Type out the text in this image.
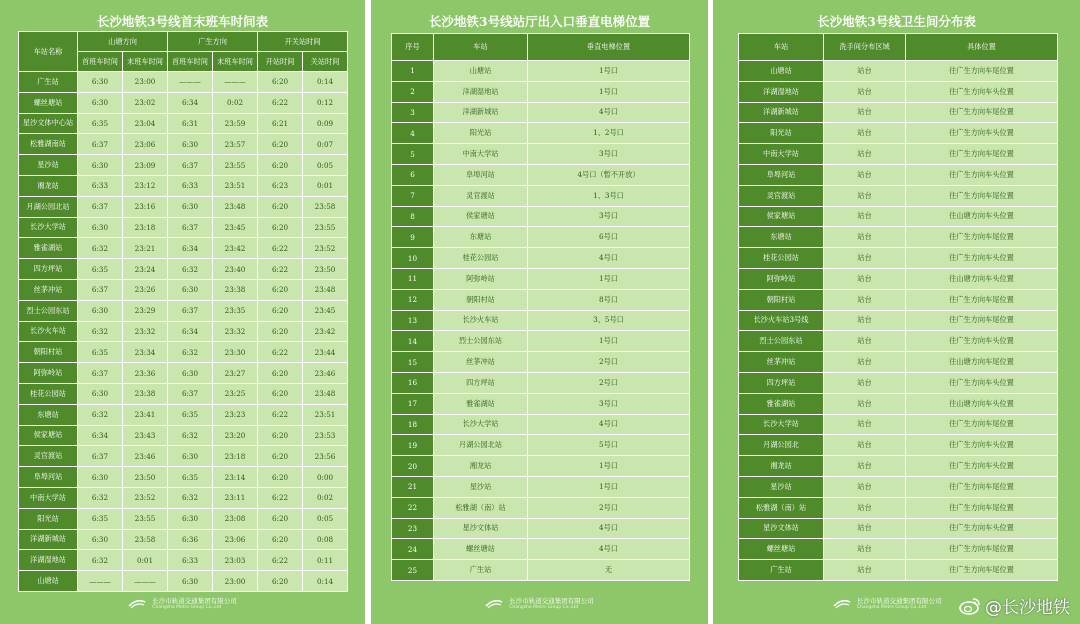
长沙地铁3号线首末班车时间表
车站名称	山塘方向		广生方向		开关站时间	
	首班车时间	末班车时间	首班车时间	末班车时间	开站时间	关站时间
广生站	6:30	23:00	———	———	6:20	0:14
螺丝塘站	6:30	23:02	6:34	0:02	6:22	0:12
星沙文体中心站	6:35	23:04	6:31	23:59	6:21	0:09
松雅湖南站	6:37	23:06	6:30	23:57	6:20	0:07
星沙站	6:30	23:09	6:37	23:55	6:20	0:05
湘龙站	6:33	23:12	6:33	23:51	6:23	0:01
月湖公园北站	6:37	23:16	6:30	23:48	6:20	23:58
长沙大学站	6:30	23:18	6:37	23:45	6:20	23:55
雅雀湖站	6:32	23:21	6:34	23:42	6:22	23:52
四方坪站	6:35	23:24	6:32	23:40	6:22	23:50
丝茅冲站	6:37	23:26	6:30	23:38	6:20	23:48
烈士公园东站	6:30	23:29	6:37	23:35	6:20	23:45
长沙火车站	6:32	23:32	6:34	23:32	6:20	23:42
朝阳村站	6:35	23:34	6:32	23:30	6:22	23:44
阿弥岭站	6:37	23:36	6:30	23:27	6:20	23:46
桂花公园站	6:30	23:38	6:37	23:25	6:20	23:48
东塘站	6:32	23:41	6:35	23:23	6:22	23:51
侯家塘站	6:34	23:43	6:32	23:20	6:20	23:53
灵官渡站	6:37	23:46	6:30	23:18	6:20	23:56
阜埠河站	6:30	23:50	6:35	23:14	6:20	0:00
中南大学站	6:32	23:52	6:32	23:11	6:22	0:02
阳光站	6:35	23:55	6:30	23:08	6:20	0:05
洋湖新城站	6:30	23:58	6:36	23:06	6:20	0:08
洋湖湿地站	6:32	0:01	6:33	23:03	6:22	0:11
山塘站	———	———	6:30	23:00	6:20	0:14
长沙市轨道交通集团有限公司
Changsha Metro Group Co.,Ltd
长沙地铁3号线站厅出入口垂直电梯位置
序号	车站	垂直电梯位置
1	山塘站	1号口
2	洋湖湿地站	1号口
3	洋湖新城站	4号口
4	阳光站	1、2号口
5	中南大学站	3号口
6	阜埠河站	4号口（暂不开放）
7	灵官渡站	1、3号口
8	侯家塘站	3号口
9	东塘站	6号口
10	桂花公园站	4号口
11	阿弥岭站	1号口
12	朝阳村站	8号口
13	长沙火车站	3、5号口
14	烈士公园东站	1号口
15	丝茅冲站	2号口
16	四方坪站	2号口
17	雅雀湖站	3号口
18	长沙大学站	4号口
19	月湖公园北站	5号口
20	湘龙站	1号口
21	星沙站	1号口
22	松雅湖（南）站	2号口
23	星沙文体站	4号口
24	螺丝塘站	4号口
25	广生站	无
长沙市轨道交通集团有限公司
Changsha Metro Group Co.,Ltd
长沙地铁3号线卫生间分布表
车站	洗手间分布区域	具体位置
山塘站	站台	往广生方向车尾位置
洋湖湿地站	站台	往广生方向车头位置
洋湖新城站	站台	往广生方向车尾位置
阳光站	站台	往广生方向车头位置
中南大学站	站台	往广生方向车尾位置
阜埠河站	站台	往广生方向车头位置
灵官渡站	站台	往广生方向车尾位置
侯家塘站	站台	往山塘方向车头位置
东塘站	站台	往广生方向车尾位置
桂花公园站	站台	往广生方向车头位置
阿弥岭站	站台	往山塘方向车头位置
朝阳村站	站台	往广生方向车尾位置
长沙火车站3号线	站台	往广生方向车尾位置
烈士公园东站	站台	往广生方向车头位置
丝茅冲站	站台	往山塘方向车尾位置
四方坪站	站台	往广生方向车头位置
雅雀湖站	站台	往山塘方向车头位置
长沙大学站	站台	往广生方向车尾位置
月湖公园北	站台	往广生方向车头位置
湘龙站	站台	往广生方向车头位置
星沙站	站台	往广生方向车尾位置
松雅湖（南）站	站台	往广生方向车尾位置
星沙文体站	站台	往广生方向车头位置
螺丝塘站	站台	往广生方向车尾位置
广生站	站台	往广生方向车尾位置
长沙市轨道交通集团有限公司
Changsha Metro Group Co.,Ltd	@长沙地铁
